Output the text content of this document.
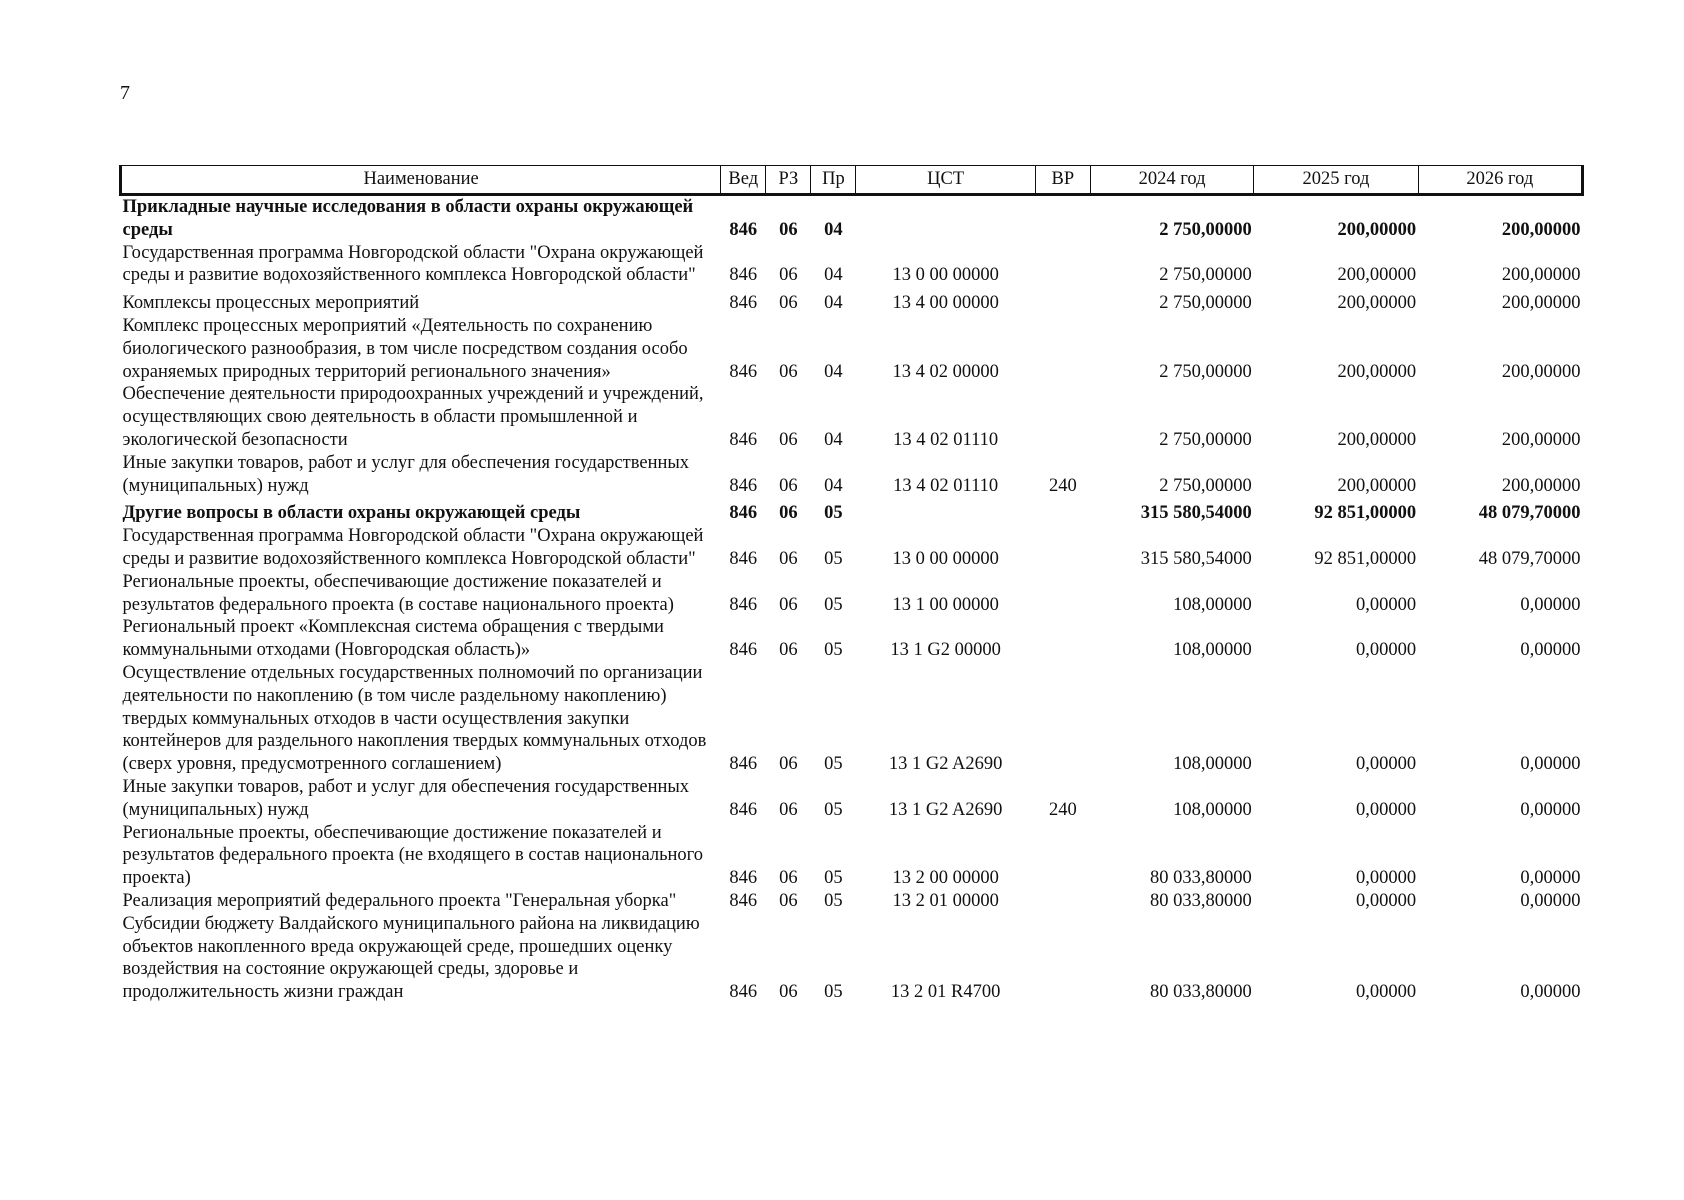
7
Наименование	Вед	РЗ	Пр	ЦСТ	ВР	2024 год	2025 год	2026 год
Прикладные научные исследования в области охраны окружающей среды	846	06	04			2 750,00000	200,00000	200,00000
Государственная программа Новгородской области "Охрана окружающей среды и развитие водохозяйственного комплекса Новгородской области"	846	06	04	13 0 00 00000		2 750,00000	200,00000	200,00000
Комплексы процессных мероприятий	846	06	04	13 4 00 00000		2 750,00000	200,00000	200,00000
Комплекс процессных мероприятий «Деятельность по сохранению биологического разнообразия, в том числе посредством создания особо охраняемых природных территорий регионального значения»	846	06	04	13 4 02 00000		2 750,00000	200,00000	200,00000
Обеспечение деятельности природоохранных учреждений и учреждений, осуществляющих свою деятельность в области промышленной и экологической безопасности	846	06	04	13 4 02 01110		2 750,00000	200,00000	200,00000
Иные закупки товаров, работ и услуг для обеспечения государственных (муниципальных) нужд	846	06	04	13 4 02 01110	240	2 750,00000	200,00000	200,00000
Другие вопросы в области охраны окружающей среды	846	06	05			315 580,54000	92 851,00000	48 079,70000
Государственная программа Новгородской области "Охрана окружающей среды и развитие водохозяйственного комплекса Новгородской области"	846	06	05	13 0 00 00000		315 580,54000	92 851,00000	48 079,70000
Региональные проекты, обеспечивающие достижение показателей и результатов федерального проекта (в составе национального проекта)	846	06	05	13 1 00 00000		108,00000	0,00000	0,00000
Региональный проект «Комплексная система обращения с твердыми коммунальными отходами (Новгородская область)»	846	06	05	13 1 G2 00000		108,00000	0,00000	0,00000
Осуществление отдельных государственных полномочий по организации деятельности по накоплению (в том числе раздельному накоплению) твердых коммунальных отходов в части осуществления закупки контейнеров для раздельного накопления твердых коммунальных отходов (сверх уровня, предусмотренного соглашением)	846	06	05	13 1 G2 A2690		108,00000	0,00000	0,00000
Иные закупки товаров, работ и услуг для обеспечения государственных (муниципальных) нужд	846	06	05	13 1 G2 A2690	240	108,00000	0,00000	0,00000
Региональные проекты, обеспечивающие достижение показателей и результатов федерального проекта (не входящего в состав национального проекта)	846	06	05	13 2 00 00000		80 033,80000	0,00000	0,00000
Реализация мероприятий федерального проекта "Генеральная уборка"	846	06	05	13 2 01 00000		80 033,80000	0,00000	0,00000
Субсидии бюджету Валдайского муниципального района на ликвидацию объектов накопленного вреда окружающей среде, прошедших оценку воздействия на состояние окружающей среды, здоровье и продолжительность жизни граждан	846	06	05	13 2 01 R4700		80 033,80000	0,00000	0,00000
